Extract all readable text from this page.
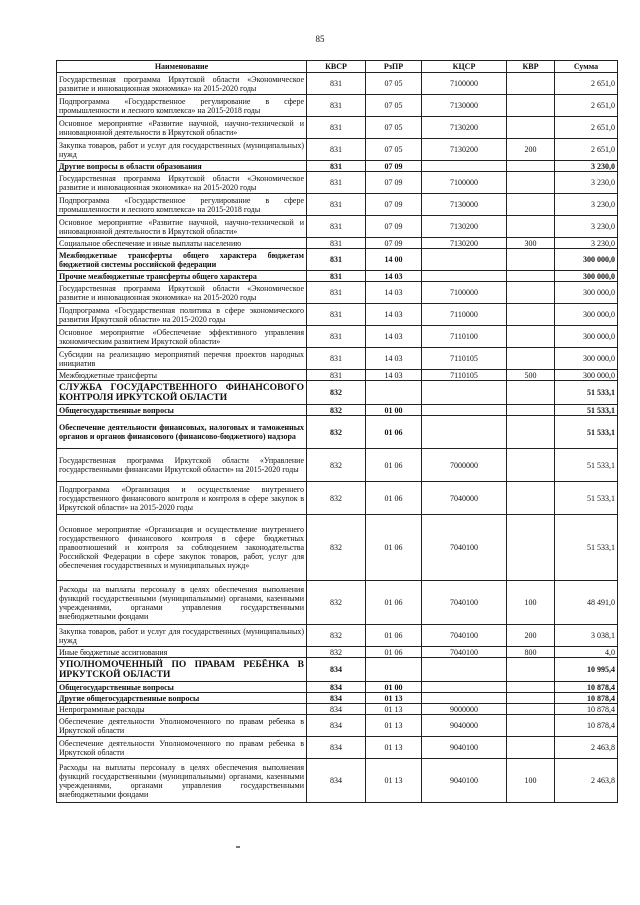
85
Наименование	КВСР	РзПР	КЦСР	КВР	Сумма
Государственная программа Иркутской области «Экономическое развитие и инновационная экономика» на 2015-2020 годы	831	07 05	7100000		2 651,0
Подпрограмма «Государственное регулирование в сфере промышленности и лесного комплекса» на 2015-2018 годы	831	07 05	7130000		2 651,0
Основное мероприятие «Развитие научной, научно-технической и инновационной деятельности в Иркутской области»	831	07 05	7130200		2 651,0
Закупка товаров, работ и услуг для государственных (муниципальных) нужд	831	07 05	7130200	200	2 651,0
Другие вопросы в области образования	831	07 09			3 230,0
Государственная программа Иркутской области «Экономическое развитие и инновационная экономика» на 2015-2020 годы	831	07 09	7100000		3 230,0
Подпрограмма «Государственное регулирование в сфере промышленности и лесного комплекса» на 2015-2018 годы	831	07 09	7130000		3 230,0
Основное мероприятие «Развитие научной, научно-технической и инновационной деятельности в Иркутской области»	831	07 09	7130200		3 230,0
Социальное обеспечение и иные выплаты населению	831	07 09	7130200	300	3 230,0
Межбюджетные трансферты общего характера бюджетам бюджетной системы российской федерации	831	14 00			300 000,0
Прочие межбюджетные трансферты общего характера	831	14 03			300 000,0
Государственная программа Иркутской области «Экономическое развитие и инновационная экономика» на 2015-2020 годы	831	14 03	7100000		300 000,0
Подпрограмма «Государственная политика в сфере экономического развития Иркутской области» на 2015-2020 годы	831	14 03	7110000		300 000,0
Основное мероприятие «Обеспечение эффективного управления экономическим развитием Иркутской области»	831	14 03	7110100		300 000,0
Субсидии на реализацию мероприятий перечня проектов народных инициатив	831	14 03	7110105		300 000,0
Межбюджетные трансферты	831	14 03	7110105	500	300 000,0
СЛУЖБА ГОСУДАРСТВЕННОГО ФИНАНСОВОГО КОНТРОЛЯ ИРКУТСКОЙ ОБЛАСТИ	832				51 533,1
Общегосударственные вопросы	832	01 00			51 533,1
Обеспечение деятельности финансовых, налоговых и таможенных органов и органов финансового (финансово-бюджетного) надзора	832	01 06			51 533,1
Государственная программа Иркутской области «Управление государственными финансами Иркутской области» на 2015-2020 годы	832	01 06	7000000		51 533,1
Подпрограмма «Организация и осуществление внутреннего государственного финансового контроля и контроля в сфере закупок в Иркутской области» на 2015-2020 годы	832	01 06	7040000		51 533,1
Основное мероприятие «Организация и осуществление внутреннего государственного финансового контроля в сфере бюджетных правоотношений и контроля за соблюдением законодательства Российской Федерации в сфере закупок товаров, работ, услуг для обеспечения государственных и муниципальных нужд»	832	01 06	7040100		51 533,1
Расходы на выплаты персоналу в целях обеспечения выполнения функций государственными (муниципальными) органами, казенными учреждениями, органами управления государственными внебюджетными фондами	832	01 06	7040100	100	48 491,0
Закупка товаров, работ и услуг для государственных (муниципальных) нужд	832	01 06	7040100	200	3 038,1
Иные бюджетные ассигнования	832	01 06	7040100	800	4,0
УПОЛНОМОЧЕННЫЙ ПО ПРАВАМ РЕБЁНКА В ИРКУТСКОЙ ОБЛАСТИ	834				10 995,4
Общегосударственные вопросы	834	01 00			10 878,4
Другие общегосударственные вопросы	834	01 13			10 878,4
Непрограммные расходы	834	01 13	9000000		10 878,4
Обеспечение деятельности Уполномоченного по правам ребенка в Иркутской области	834	01 13	9040000		10 878,4
Обеспечение деятельности Уполномоченного по правам ребенка в Иркутской области	834	01 13	9040100		2 463,8
Расходы на выплаты персоналу в целях обеспечения выполнения функций государственными (муниципальными) органами, казенными учреждениями, органами управления государственными внебюджетными фондами	834	01 13	9040100	100	2 463,8
